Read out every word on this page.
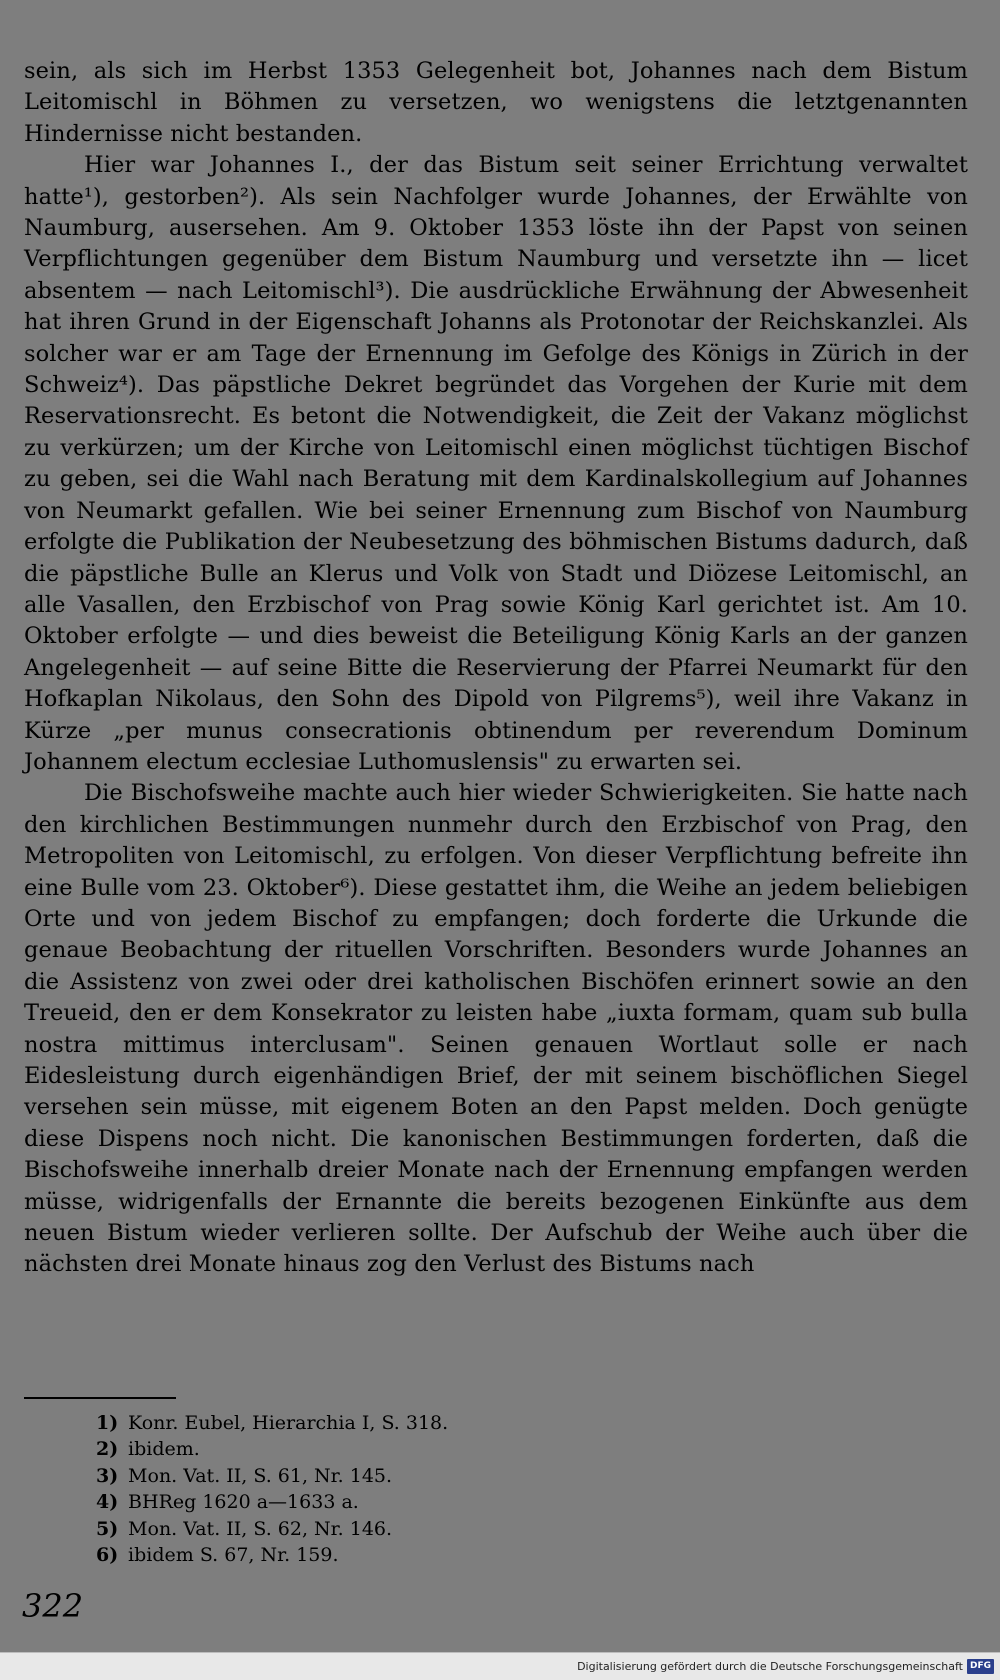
sein, als sich im Herbst 1353 Gelegenheit bot, Johannes nach dem Bistum Leitomischl in Böhmen zu versetzen, wo wenigstens die letztgenannten Hindernisse nicht bestanden.

Hier war Johannes I., der das Bistum seit seiner Errichtung verwaltet hatte¹), gestorben²). Als sein Nachfolger wurde Johannes, der Erwählte von Naumburg, ausersehen. Am 9. Oktober 1353 löste ihn der Papst von seinen Verpflichtungen gegenüber dem Bistum Naumburg und versetzte ihn — licet absentem — nach Leitomischl³). Die ausdrückliche Erwähnung der Abwesenheit hat ihren Grund in der Eigenschaft Johanns als Protonotar der Reichskanzlei. Als solcher war er am Tage der Ernennung im Gefolge des Königs in Zürich in der Schweiz⁴). Das päpstliche Dekret begründet das Vorgehen der Kurie mit dem Reservationsrecht. Es betont die Notwendigkeit, die Zeit der Vakanz möglichst zu verkürzen; um der Kirche von Leitomischl einen möglichst tüchtigen Bischof zu geben, sei die Wahl nach Beratung mit dem Kardinalskollegium auf Johannes von Neumarkt gefallen. Wie bei seiner Ernennung zum Bischof von Naumburg erfolgte die Publikation der Neubesetzung des böhmischen Bistums dadurch, daß die päpstliche Bulle an Klerus und Volk von Stadt und Diözese Leitomischl, an alle Vasallen, den Erzbischof von Prag sowie König Karl gerichtet ist. Am 10. Oktober erfolgte — und dies beweist die Beteiligung König Karls an der ganzen Angelegenheit — auf seine Bitte die Reservierung der Pfarrei Neumarkt für den Hofkaplan Nikolaus, den Sohn des Dipold von Pilgrems⁵), weil ihre Vakanz in Kürze „per munus consecrationis obtinendum per reverendum Dominum Johannem electum ecclesiae Luthomuslensis" zu erwarten sei.

Die Bischofsweihe machte auch hier wieder Schwierigkeiten. Sie hatte nach den kirchlichen Bestimmungen nunmehr durch den Erzbischof von Prag, den Metropoliten von Leitomischl, zu erfolgen. Von dieser Verpflichtung befreite ihn eine Bulle vom 23. Oktober⁶). Diese gestattet ihm, die Weihe an jedem beliebigen Orte und von jedem Bischof zu empfangen; doch forderte die Urkunde die genaue Beobachtung der rituellen Vorschriften. Besonders wurde Johannes an die Assistenz von zwei oder drei katholischen Bischöfen erinnert sowie an den Treueid, den er dem Konsekrator zu leisten habe „iuxta formam, quam sub bulla nostra mittimus interclusam". Seinen genauen Wortlaut solle er nach Eidesleistung durch eigenhändigen Brief, der mit seinem bischöflichen Siegel versehen sein müsse, mit eigenem Boten an den Papst melden. Doch genügte diese Dispens noch nicht. Die kanonischen Bestimmungen forderten, daß die Bischofsweihe innerhalb dreier Monate nach der Ernennung empfangen werden müsse, widrigenfalls der Ernannte die bereits bezogenen Einkünfte aus dem neuen Bistum wieder verlieren sollte. Der Aufschub der Weihe auch über die nächsten drei Monate hinaus zog den Verlust des Bistums nach

1) Konr. Eubel, Hierarchia I, S. 318.
2) ibidem.
3) Mon. Vat. II, S. 61, Nr. 145.
4) BHReg 1620 a—1633 a.
5) Mon. Vat. II, S. 62, Nr. 146.
6) ibidem S. 67, Nr. 159.
322
Digitalisierung gefördert durch die Deutsche Forschungsgemeinschaft DFG
